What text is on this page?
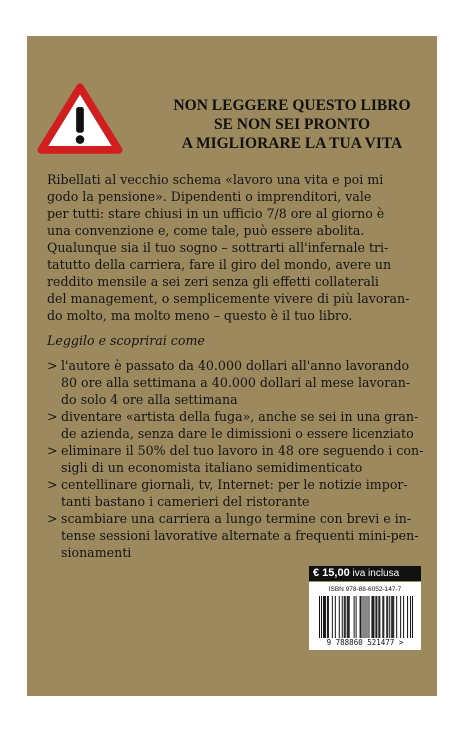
NON LEGGERE QUESTO LIBRO
SE NON SEI PRONTO
A MIGLIORARE LA TUA VITA
Ribellati al vecchio schema «lavoro una vita e poi mi
godo la pensione». Dipendenti o imprenditori, vale
per tutti: stare chiusi in un ufficio 7/8 ore al giorno è
una convenzione e, come tale, può essere abolita.
Qualunque sia il tuo sogno – sottrarti all'infernale tri-
tatutto della carriera, fare il giro del mondo, avere un
reddito mensile a sei zeri senza gli effetti collaterali
del management, o semplicemente vivere di più lavoran-
do molto, ma molto meno – questo è il tuo libro.
Leggilo e scoprirai come
> l'autore è passato da 40.000 dollari all'anno lavorando
80 ore alla settimana a 40.000 dollari al mese lavoran-
do solo 4 ore alla settimana
> diventare «artista della fuga», anche se sei in una gran-
de azienda, senza dare le dimissioni o essere licenziato
> eliminare il 50% del tuo lavoro in 48 ore seguendo i con-
sigli di un economista italiano semidimenticato
> centellinare giornali, tv, Internet: per le notizie impor-
tanti bastano i camerieri del ristorante
> scambiare una carriera a lungo termine con brevi e in-
tense sessioni lavorative alternate a frequenti mini-pen-
sionamenti
€ 15,00 iva inclusa
ISBN 978-88-6052-147-7
9 788860 521477 >
